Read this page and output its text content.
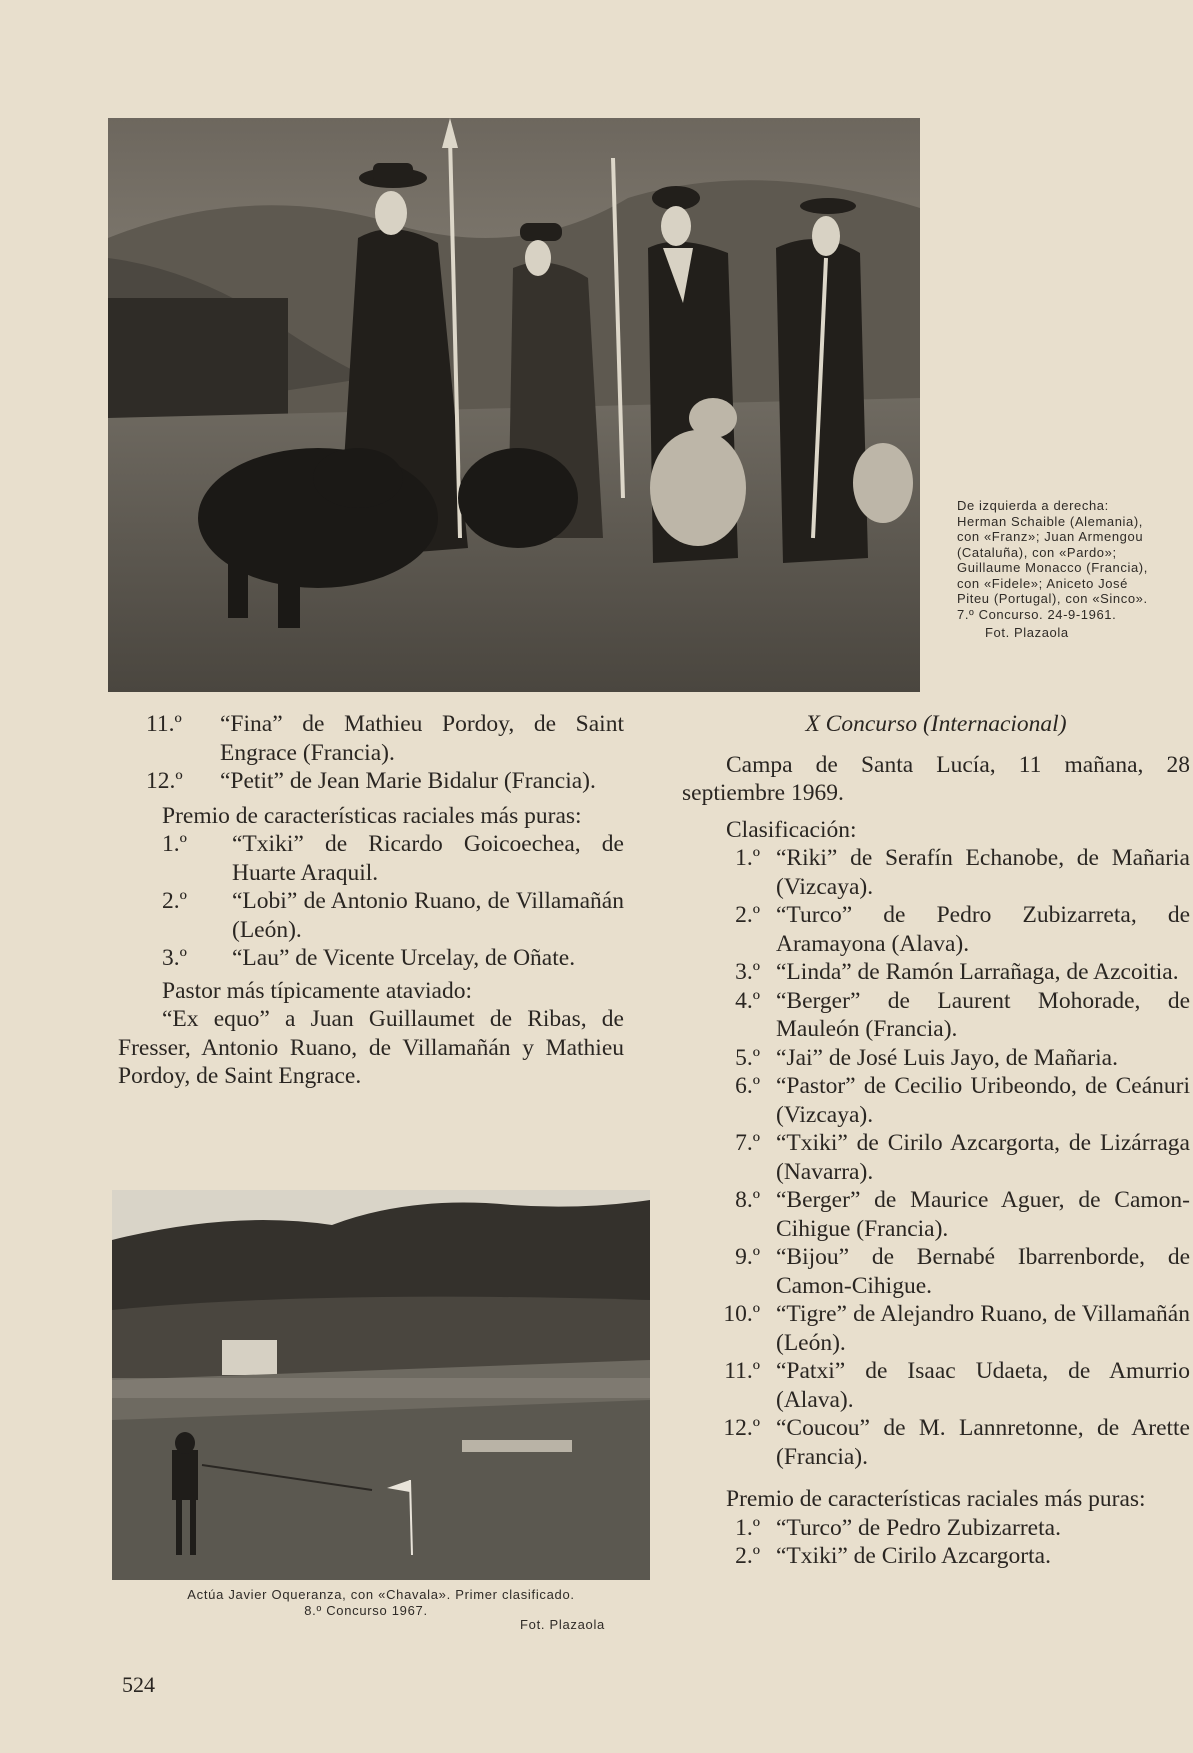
De izquierda a derecha:
Herman Schaible (Alemania),
con «Franz»; Juan Armengou
(Cataluña), con «Pardo»;
Guillaume Monacco (Francia),
con «Fidele»; Aniceto José
Piteu (Portugal), con «Sinco».
7.º Concurso. 24-9-1961.
Fot. Plazaola
11.º	“Fina” de Mathieu Pordoy, de Saint Engrace (Francia).
12.º	“Petit” de Jean Marie Bidalur (Francia).
Premio de características raciales más puras:
1.º	“Txiki” de Ricardo Goicoechea, de Huarte Araquil.
2.º	“Lobi” de Antonio Ruano, de Villamañán (León).
3.º	“Lau” de Vicente Urcelay, de Oñate.
Pastor más típicamente ataviado:
“Ex equo” a Juan Guillaumet de Ribas, de Fresser, Antonio Ruano, de Villamañán y Mathieu Pordoy, de Saint Engrace.
Actúa Javier Oqueranza, con «Chavala». Primer clasificado.
8.º Concurso 1967.
Fot. Plazaola
X Concurso (Internacional)
Campa de Santa Lucía, 11 mañana, 28 septiembre 1969.
Clasificación:
1.º “Riki” de Serafín Echanobe, de Mañaria (Vizcaya).
2.º “Turco” de Pedro Zubizarreta, de Aramayona (Alava).
3.º “Linda” de Ramón Larrañaga, de Azcoitia.
4.º “Berger” de Laurent Mohorade, de Mauleón (Francia).
5.º “Jai” de José Luis Jayo, de Mañaria.
6.º “Pastor” de Cecilio Uribeondo, de Ceánuri (Vizcaya).
7.º “Txiki” de Cirilo Azcargorta, de Lizárraga (Navarra).
8.º “Berger” de Maurice Aguer, de Camon-Cihigue (Francia).
9.º “Bijou” de Bernabé Ibarrenborde, de Camon-Cihigue.
10.º “Tigre” de Alejandro Ruano, de Villamañán (León).
11.º “Patxi” de Isaac Udaeta, de Amurrio (Alava).
12.º “Coucou” de M. Lannretonne, de Arette (Francia).
Premio de características raciales más puras:
1.º “Turco” de Pedro Zubizarreta.
2.º “Txiki” de Cirilo Azcargorta.
524
